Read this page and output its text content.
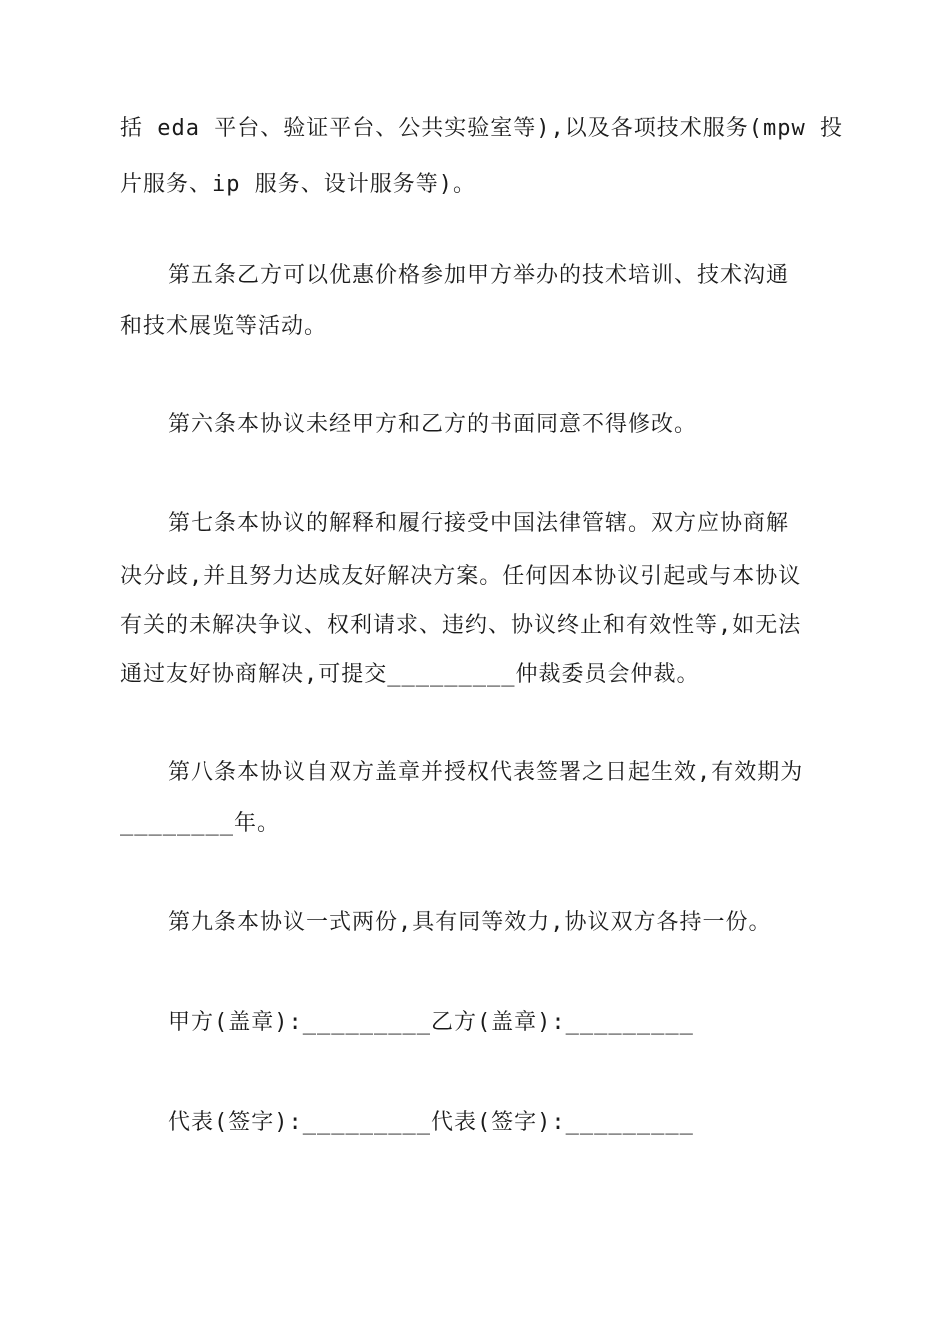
括 eda 平台、验证平台、公共实验室等),以及各项技术服务(mpw 投
片服务、ip 服务、设计服务等)。
第五条乙方可以优惠价格参加甲方举办的技术培训、技术沟通
和技术展览等活动。
第六条本协议未经甲方和乙方的书面同意不得修改。
第七条本协议的解释和履行接受中国法律管辖。双方应协商解
决分歧,并且努力达成友好解决方案。任何因本协议引起或与本协议
有关的未解决争议、权利请求、违约、协议终止和有效性等,如无法
通过友好协商解决,可提交_________仲裁委员会仲裁。
第八条本协议自双方盖章并授权代表签署之日起生效,有效期为
________年。
第九条本协议一式两份,具有同等效力,协议双方各持一份。
甲方(盖章):_________乙方(盖章):_________
代表(签字):_________代表(签字):_________
